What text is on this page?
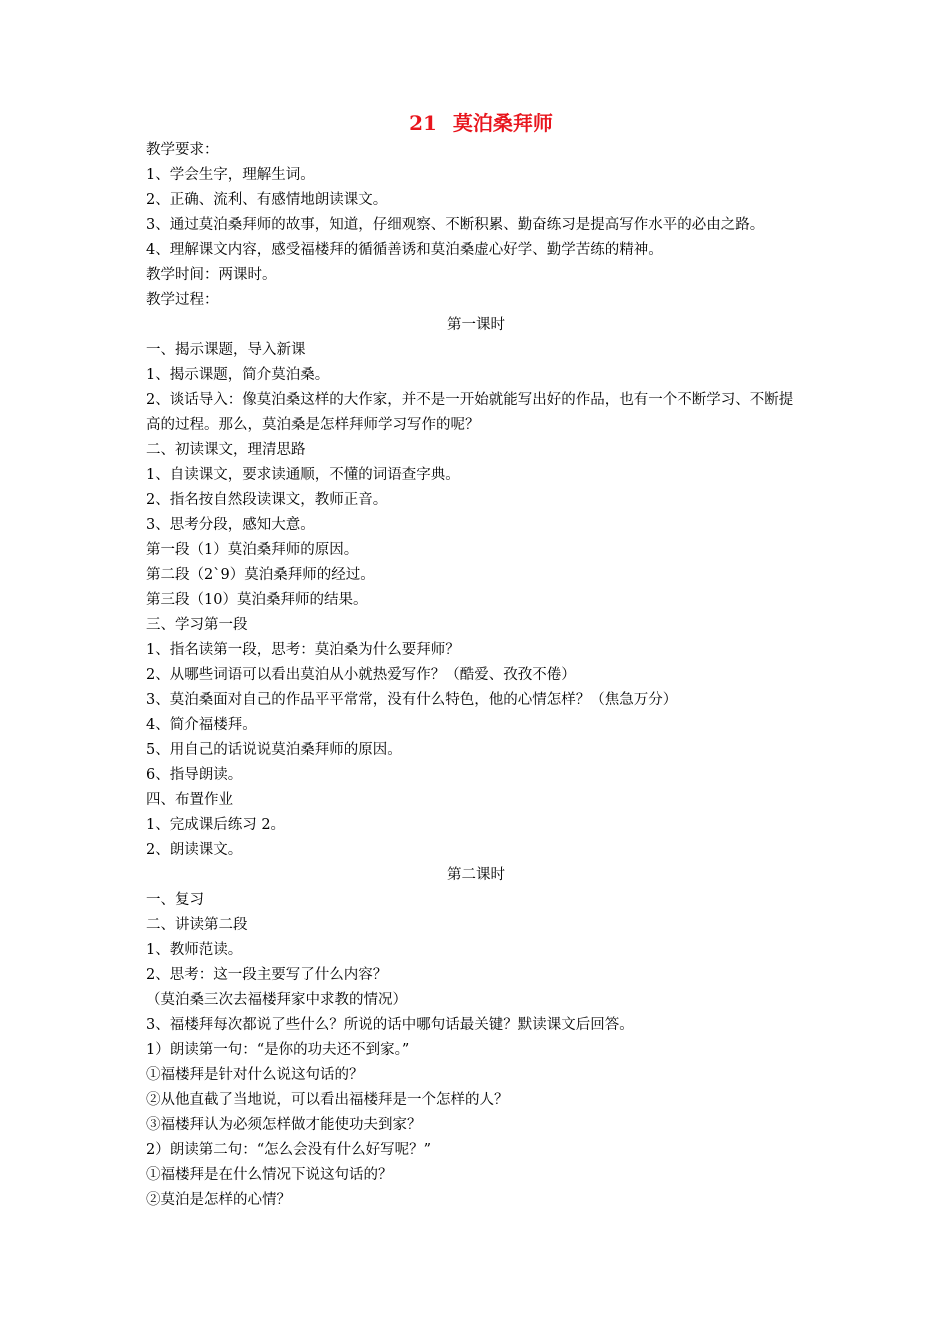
21 莫泊桑拜师

教学要求：

1、学会生字，理解生词。

2、正确、流利、有感情地朗读课文。

3、通过莫泊桑拜师的故事，知道，仔细观察、不断积累、勤奋练习是提高写作水平的必由之路。

4、理解课文内容，感受福楼拜的循循善诱和莫泊桑虚心好学、勤学苦练的精神。

教学时间：两课时。

教学过程：

第一课时

一、揭示课题，导入新课

1、揭示课题，简介莫泊桑。

2、谈话导入：像莫泊桑这样的大作家，并不是一开始就能写出好的作品，也有一个不断学习、不断提高的过程。那么，莫泊桑是怎样拜师学习写作的呢？

二、初读课文，理清思路

1、自读课文，要求读通顺，不懂的词语查字典。

2、指名按自然段读课文，教师正音。

3、思考分段，感知大意。

第一段（1）莫泊桑拜师的原因。

第二段（2`9）莫泊桑拜师的经过。

第三段（10）莫泊桑拜师的结果。

三、学习第一段

1、指名读第一段，思考：莫泊桑为什么要拜师？

2、从哪些词语可以看出莫泊从小就热爱写作？（酷爱、孜孜不倦）

3、莫泊桑面对自己的作品平平常常，没有什么特色，他的心情怎样？（焦急万分）

4、简介福楼拜。

5、用自己的话说说莫泊桑拜师的原因。

6、指导朗读。

四、布置作业

1、完成课后练习 2。

2、朗读课文。

第二课时

一、复习

二、讲读第二段

1、教师范读。

2、思考：这一段主要写了什么内容？

（莫泊桑三次去福楼拜家中求教的情况）

3、福楼拜每次都说了些什么？所说的话中哪句话最关键？默读课文后回答。

1）朗读第一句：“是你的功夫还不到家。”

①福楼拜是针对什么说这句话的？

②从他直截了当地说，可以看出福楼拜是一个怎样的人？

③福楼拜认为必须怎样做才能使功夫到家？

2）朗读第二句：“怎么会没有什么好写呢？”

①福楼拜是在什么情况下说这句话的？

②莫泊是怎样的心情？
